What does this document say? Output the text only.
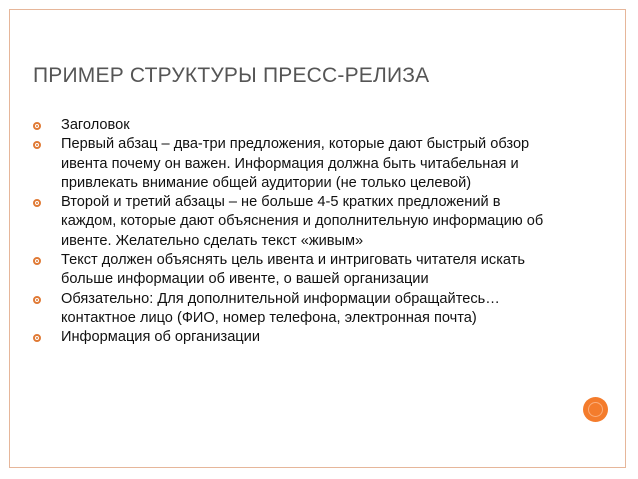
ПРИМЕР СТРУКТУРЫ ПРЕСС-РЕЛИЗА
Заголовок
Первый абзац – два-три предложения, которые дают быстрый обзор ивента почему он важен. Информация должна быть читабельная и привлекать внимание общей аудитории (не только целевой)
Второй и третий абзацы – не больше 4-5 кратких предложений в каждом, которые дают объяснения и дополнительную информацию об ивенте. Желательно сделать текст «живым»
Текст должен объяснять цель ивента и интриговать читателя искать больше информации об ивенте, о вашей организации
Обязательно: Для дополнительной информации обращайтесь… контактное лицо (ФИО, номер телефона, электронная почта)
Информация об организации
